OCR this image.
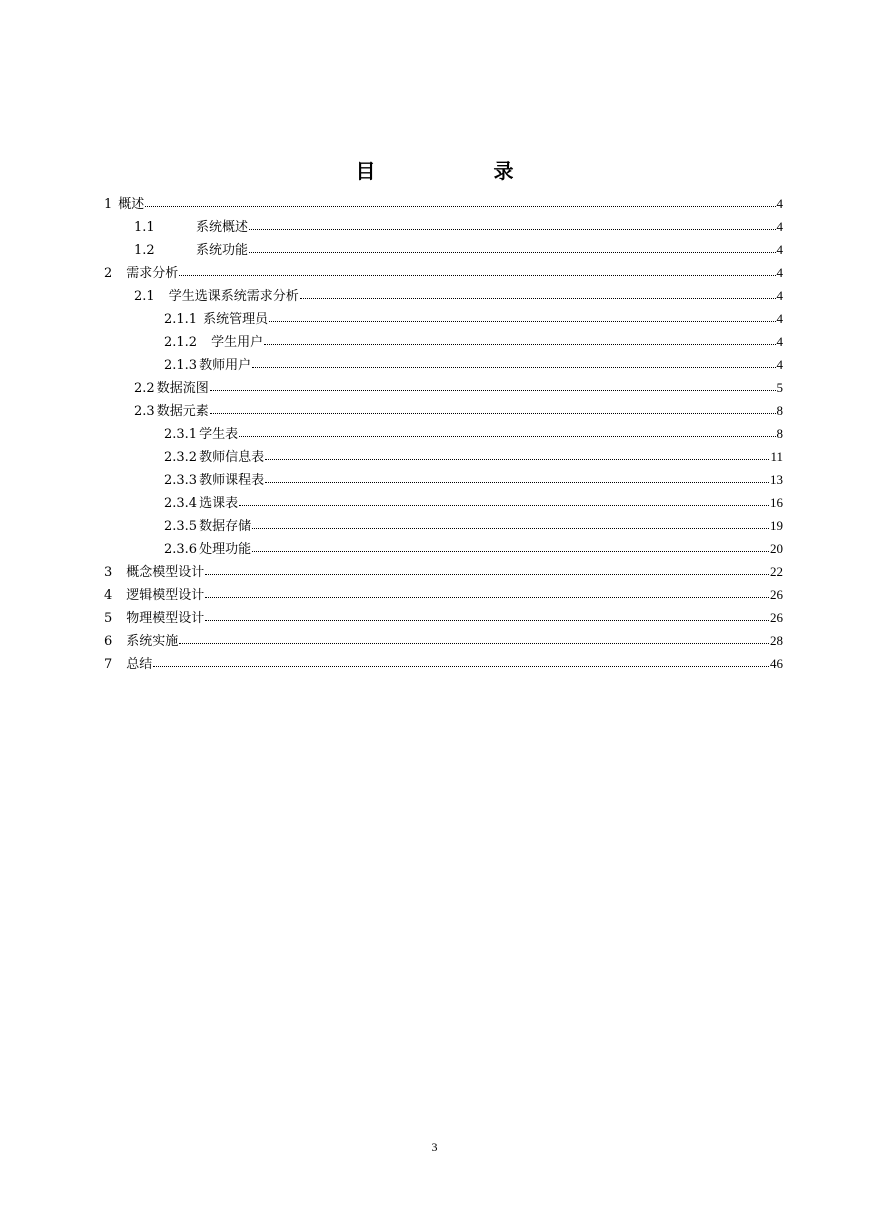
目　　录
1 概述	4
1.1	系统概述	4
1.2	系统功能	4
2 需求分析	4
2.1 学生选课系统需求分析	4
2.1.1 系统管理员	4
2.1.2 学生用户	4
2.1.3 教师用户	4
2.2 数据流图	5
2.3 数据元素	8
2.3.1 学生表	8
2.3.2 教师信息表	11
2.3.3 教师课程表	13
2.3.4 选课表	16
2.3.5 数据存储	19
2.3.6 处理功能	20
3 概念模型设计	22
4 逻辑模型设计	26
5 物理模型设计	26
6 系统实施	28
7 总结	46
3
